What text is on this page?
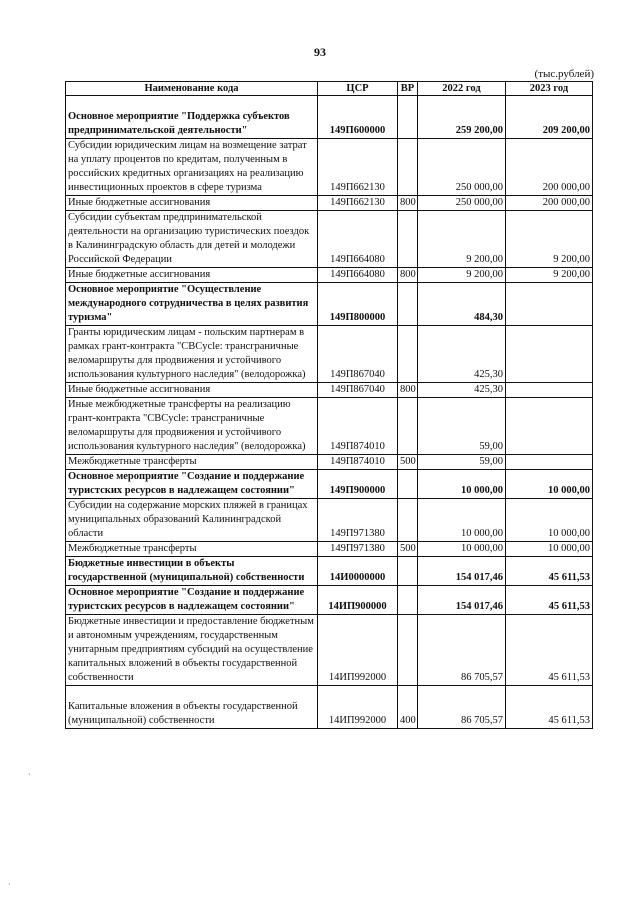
93
(тыс.рублей)
Наименование кода	ЦСР	ВР	2022 год	2023 год
Основное мероприятие "Поддержка субъектов предпринимательской деятельности"	149П600000		259 200,00	209 200,00
Субсидии юридическим лицам на возмещение затрат на уплату процентов по кредитам, полученным в российских кредитных организациях на реализацию инвестиционных проектов в сфере туризма	149П662130		250 000,00	200 000,00
Иные бюджетные ассигнования	149П662130	800	250 000,00	200 000,00
Субсидии субъектам предпринимательской деятельности на организацию туристических поездок в Калининградскую область для детей и молодежи Российской Федерации	149П664080		9 200,00	9 200,00
Иные бюджетные ассигнования	149П664080	800	9 200,00	9 200,00
Основное мероприятие "Осуществление международного сотрудничества в целях развития туризма"	149П800000		484,30	
Гранты юридическим лицам - польским партнерам в рамках грант-контракта "CBCycle: трансграничные веломаршруты для продвижения и устойчивого использования культурного наследия" (велодорожка)	149П867040		425,30	
Иные бюджетные ассигнования	149П867040	800	425,30	
Иные межбюджетные трансферты на реализацию грант-контракта "CBCycle: трансграничные веломаршруты для продвижения и устойчивого использования культурного наследия" (велодорожка)	149П874010		59,00	
Межбюджетные трансферты	149П874010	500	59,00	
Основное мероприятие "Создание и поддержание туристских ресурсов в надлежащем состоянии"	149П900000		10 000,00	10 000,00
Субсидии на содержание морских пляжей в границах муниципальных образований Калининградской области	149П971380		10 000,00	10 000,00
Межбюджетные трансферты	149П971380	500	10 000,00	10 000,00
Бюджетные инвестиции в объекты государственной (муниципальной) собственности	14И0000000		154 017,46	45 611,53
Основное мероприятие "Создание и поддержание туристских ресурсов в надлежащем состоянии"	14ИП900000		154 017,46	45 611,53
Бюджетные инвестиции и предоставление бюджетным и автономным учреждениям, государственным унитарным предприятиям субсидий на осуществление капитальных вложений в объекты государственной собственности	14ИП992000		86 705,57	45 611,53
Капитальные вложения в объекты государственной (муниципальной) собственности	14ИП992000	400	86 705,57	45 611,53
·
·
